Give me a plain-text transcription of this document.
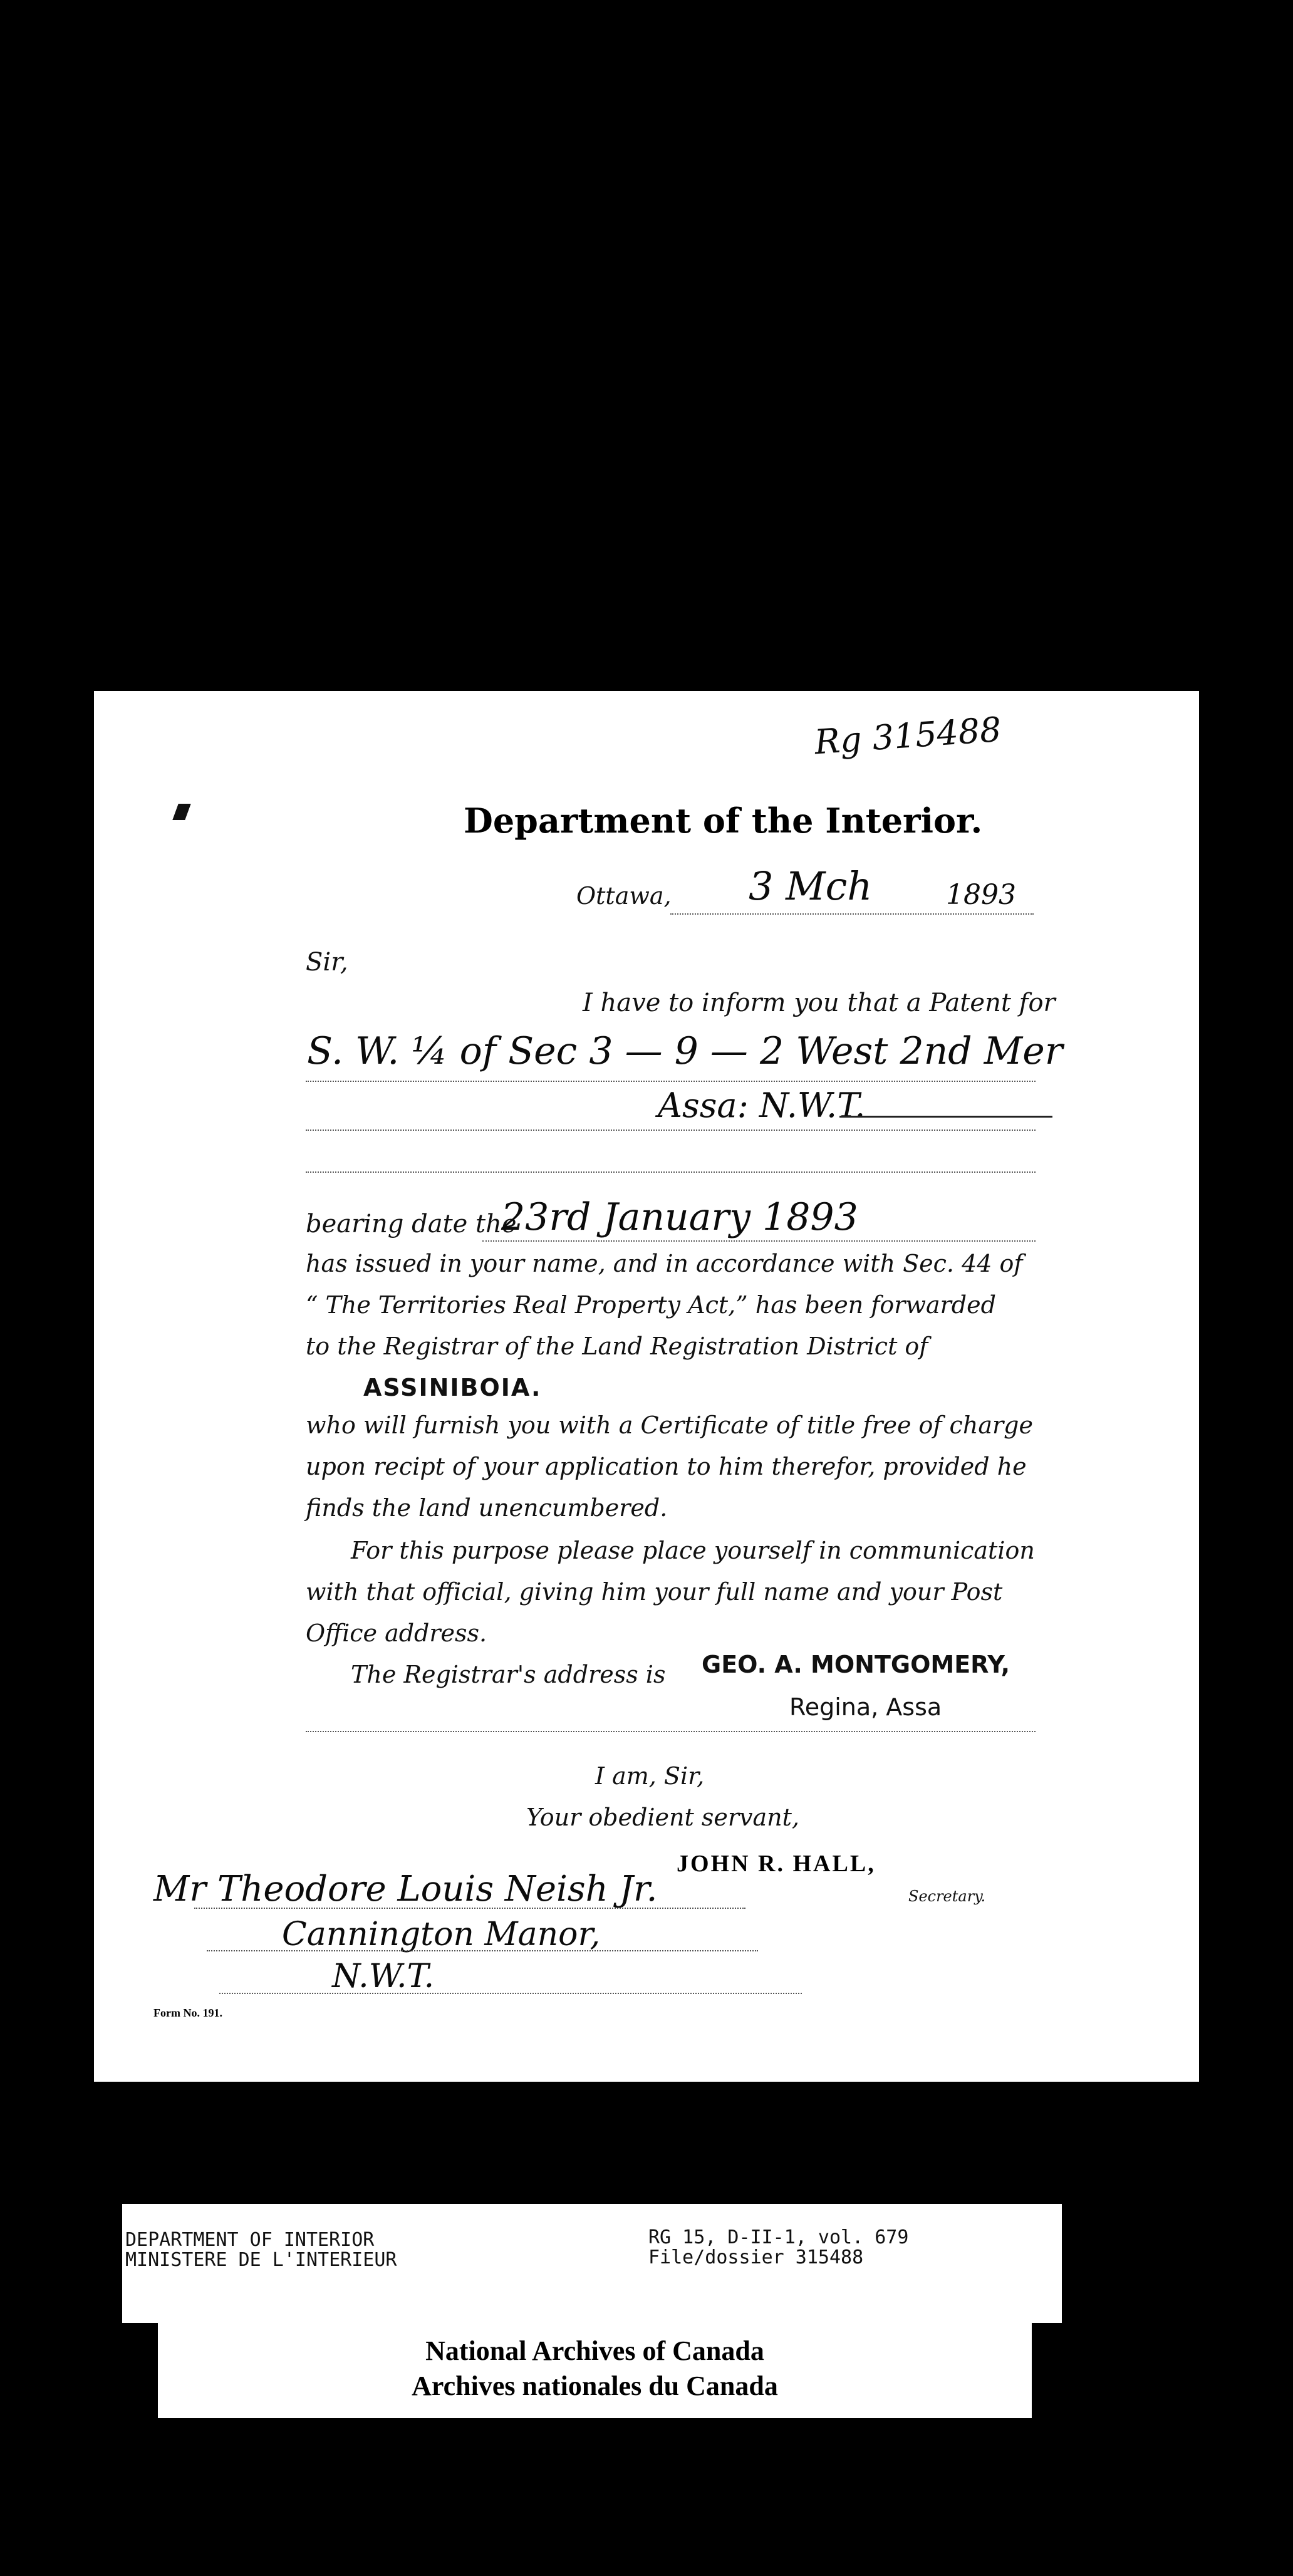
Rg 315488
Department of the Interior.
Ottawa, 3 Mch	1893
Sir,
I have to inform you that a Patent for
S. W. ¼ of Sec 3 — 9 — 2 West 2nd Mer
Assa: N.W.T.
bearing date the
23rd January 1893
has issued in your name, and in accordance with Sec. 44 of
“ The Territories Real Property Act,” has been forwarded
to the Registrar of the Land Registration District of
ASSINIBOIA.
who will furnish you with a Certificate of title free of charge
upon recipt of your application to him therefor, provided he
finds the land unencumbered.
For this purpose please place yourself in communication
with that official, giving him your full name and your Post
Office address.
The Registrar's address is GEO. A. MONTGOMERY,
Regina, Assa
I am, Sir,
Your obedient servant,
JOHN R. HALL,
Secretary.
Mr Theodore Louis Neish Jr.
Cannington Manor,
N.W.T.
Form No. 191.
DEPARTMENT OF INTERIOR
MINISTERE DE L'INTERIEUR
RG 15, D-II-1, vol. 679
File/dossier 315488
National Archives of Canada
Archives nationales du Canada
